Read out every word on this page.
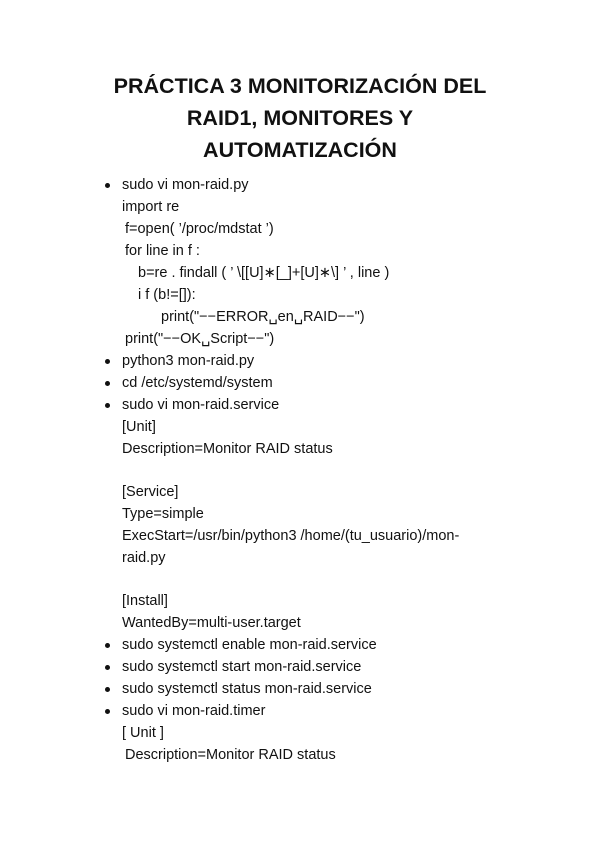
PRÁCTICA 3 MONITORIZACIÓN DEL
RAID1, MONITORES Y
AUTOMATIZACIÓN
sudo vi mon-raid.py
import re
f=open( ’/proc/mdstat ’)
for line in f :
b=re . findall ( ’ \[[U]∗[_]+[U]∗\] ’ , line )
i f (b!=[]):
print("−−ERROR␣en␣RAID−−")
print("−−OK␣Script−−")
python3 mon-raid.py
cd /etc/systemd/system
sudo vi mon-raid.service
[Unit]
Description=Monitor RAID status
[Service]
Type=simple
ExecStart=/usr/bin/python3 /home/(tu_usuario)/mon-
raid.py
[Install]
WantedBy=multi-user.target
sudo systemctl enable mon-raid.service
sudo systemctl start mon-raid.service
sudo systemctl status mon-raid.service
sudo vi mon-raid.timer
[ Unit ]
Description=Monitor RAID status
